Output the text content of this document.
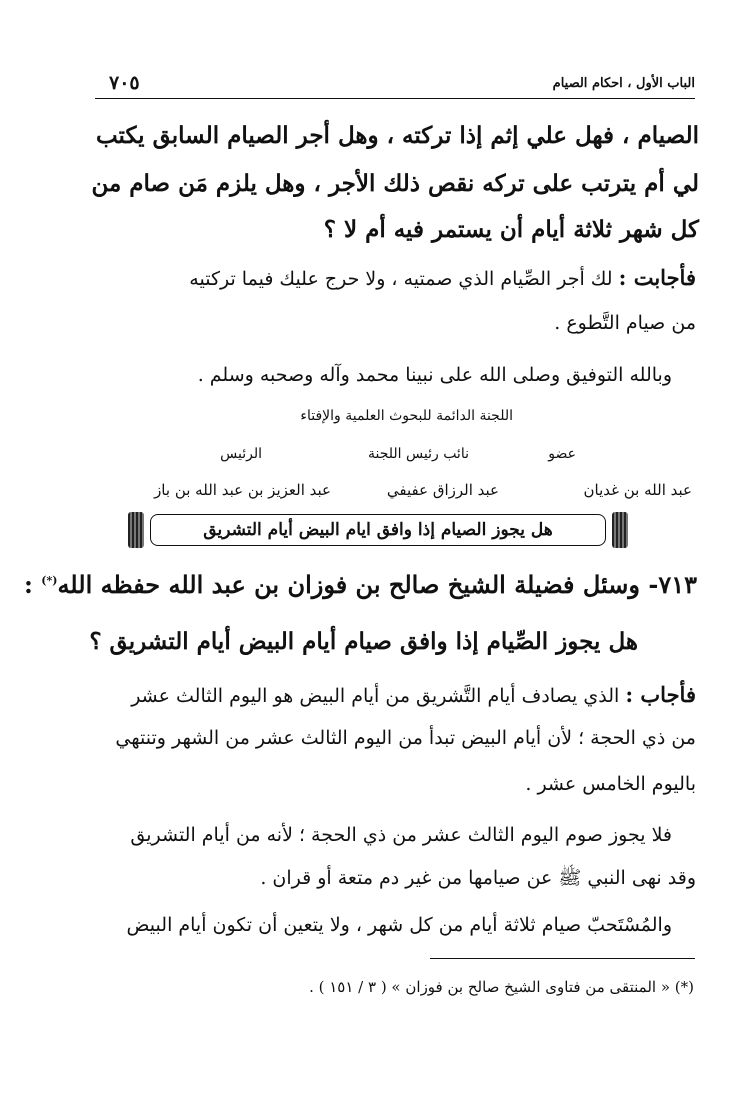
الباب الأول ، احكام الصيام
٧٠٥
الصيام ، فهل علي إثم إذا تركته ، وهل أجر الصيام السابق يكتب
لي أم يترتب على تركه نقص ذلك الأجر ، وهل يلزم مَن صام من
كل شهر ثلاثة أيام أن يستمر فيه أم لا ؟
فأجابت : لك أجر الصِّيام الذي صمتيه ، ولا حرج عليك فيما تركتيه
من صيام التَّطوع .
وبالله التوفيق وصلى الله على نبينا محمد وآله وصحبه وسلم .
اللجنة الدائمة للبحوث العلمية والإفتاء
الرئيس	نائب رئيس اللجنة	عضو
عبد العزيز بن عبد الله بن باز	عبد الرزاق عفيفي	عبد الله بن غديان
هل يجوز الصيام إذا وافق ايام البيض أيام التشريق
٧١٣- وسئل فضيلة الشيخ صالح بن فوزان بن عبد الله حفظه الله(*) :
هل يجوز الصِّيام إذا وافق صيام أيام البيض أيام التشريق ؟
فأجاب : الذي يصادف أيام التَّشريق من أيام البيض هو اليوم الثالث عشر
من ذي الحجة ؛ لأن أيام البيض تبدأ من اليوم الثالث عشر من الشهر وتنتهي
باليوم الخامس عشر .
فلا يجوز صوم اليوم الثالث عشر من ذي الحجة ؛ لأنه من أيام التشريق
وقد نهى النبي ﷺ عن صيامها من غير دم متعة أو قران .
والمُسْتَحبّ صيام ثلاثة أيام من كل شهر ، ولا يتعين أن تكون أيام البيض
(*) « المنتقى من فتاوى الشيخ صالح بن فوزان » ( ٣ / ١٥١ ) .
